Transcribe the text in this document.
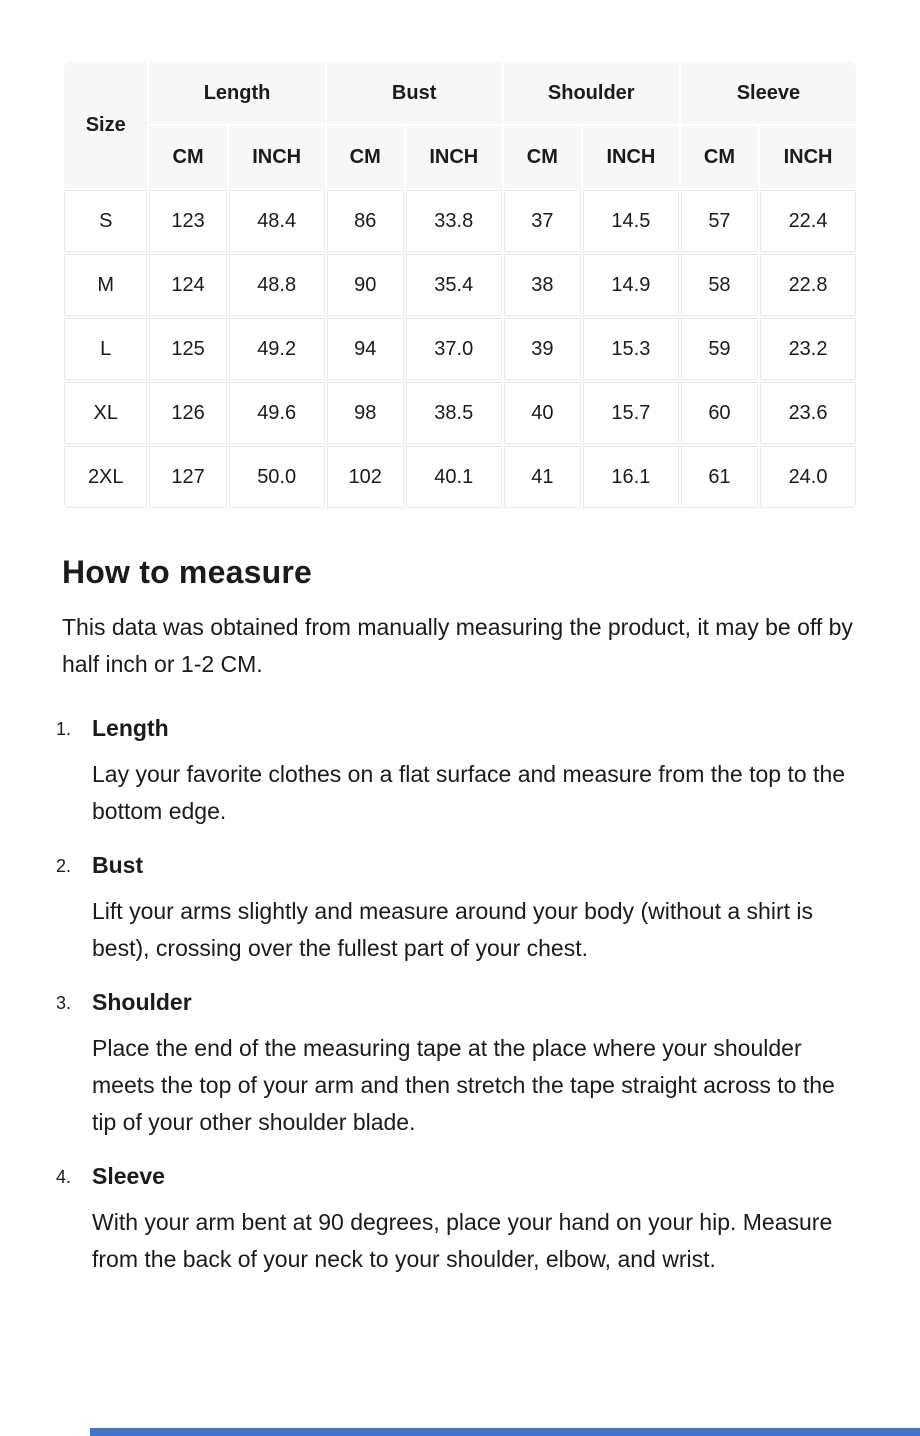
Size	Length		Bust		Shoulder		Sleeve	
	CM	INCH	CM	INCH	CM	INCH	CM	INCH
S	123	48.4	86	33.8	37	14.5	57	22.4
M	124	48.8	90	35.4	38	14.9	58	22.8
L	125	49.2	94	37.0	39	15.3	59	23.2
XL	126	49.6	98	38.5	40	15.7	60	23.6
2XL	127	50.0	102	40.1	41	16.1	61	24.0
How to measure

This data was obtained from manually measuring the product, it may be off by half inch or 1-2 CM.

1. Length
Lay your favorite clothes on a flat surface and measure from the top to the bottom edge.
2. Bust
Lift your arms slightly and measure around your body (without a shirt is best), crossing over the fullest part of your chest.
3. Shoulder
Place the end of the measuring tape at the place where your shoulder meets the top of your arm and then stretch the tape straight across to the tip of your other shoulder blade.
4. Sleeve
With your arm bent at 90 degrees, place your hand on your hip. Measure from the back of your neck to your shoulder, elbow, and wrist.
